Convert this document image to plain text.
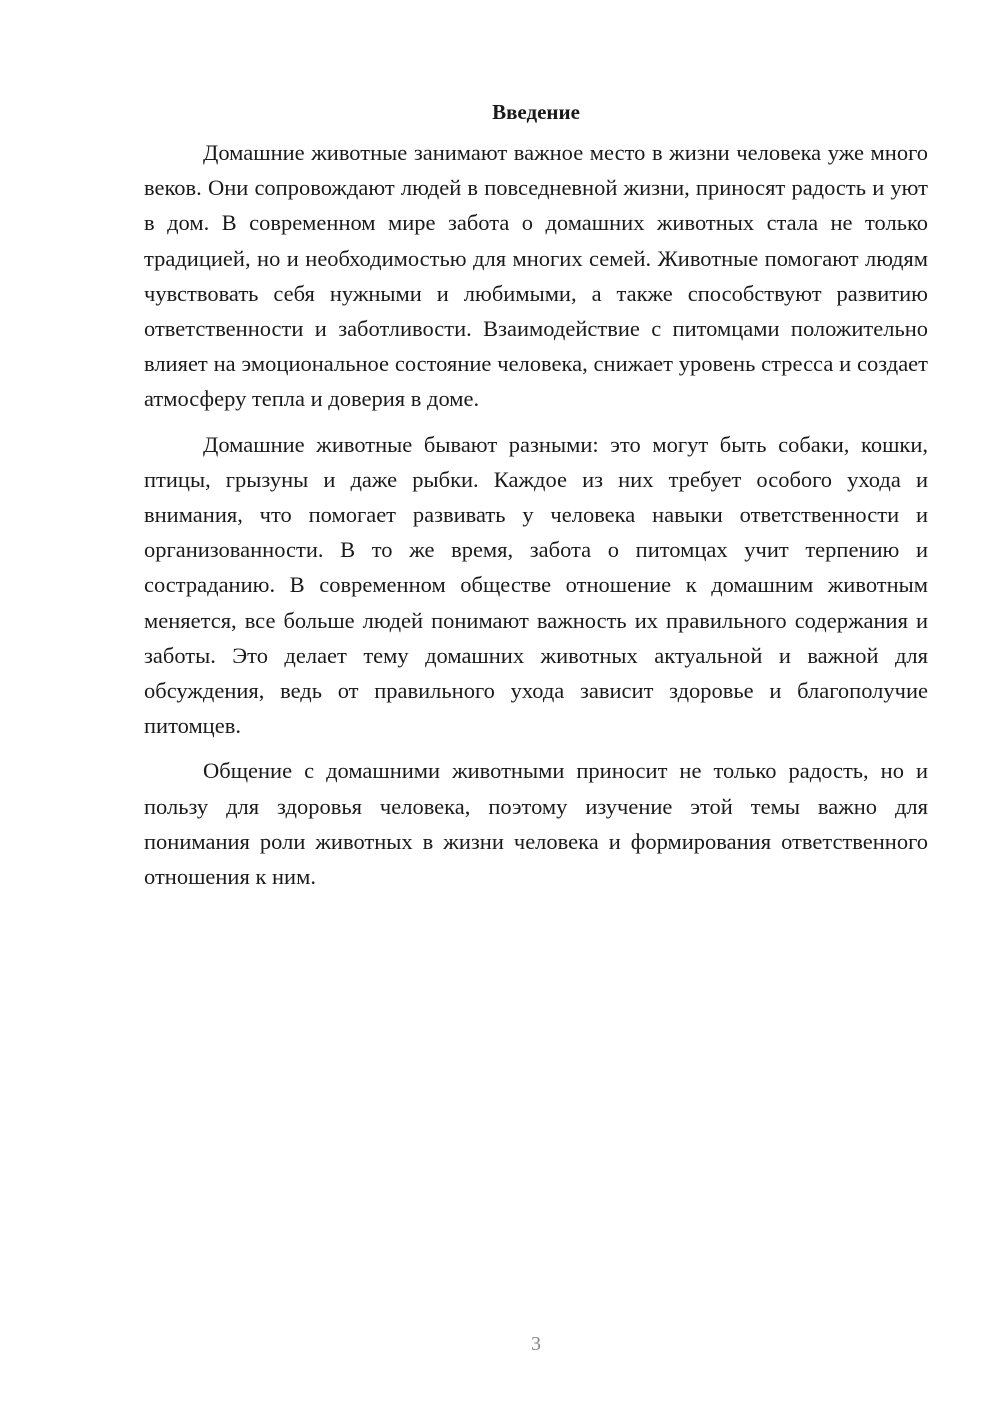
Введение

Домашние животные занимают важное место в жизни человека уже много веков. Они сопровождают людей в повседневной жизни, приносят радость и уют в дом. В современном мире забота о домашних животных стала не только традицией, но и необходимостью для многих семей. Животные помогают людям чувствовать себя нужными и любимыми, а также способствуют развитию ответственности и заботливости. Взаимодействие с питомцами положительно влияет на эмоциональное состояние человека, снижает уровень стресса и создает атмосферу тепла и доверия в доме.

Домашние животные бывают разными: это могут быть собаки, кошки, птицы, грызуны и даже рыбки. Каждое из них требует особого ухода и внимания, что помогает развивать у человека навыки ответственности и организованности. В то же время, забота о питомцах учит терпению и состраданию. В современном обществе отношение к домашним животным меняется, все больше людей понимают важность их правильного содержания и заботы. Это делает тему домашних животных актуальной и важной для обсуждения, ведь от правильного ухода зависит здоровье и благополучие питомцев.

Общение с домашними животными приносит не только радость, но и пользу для здоровья человека, поэтому изучение этой темы важно для понимания роли животных в жизни человека и формирования ответственного отношения к ним.

3
